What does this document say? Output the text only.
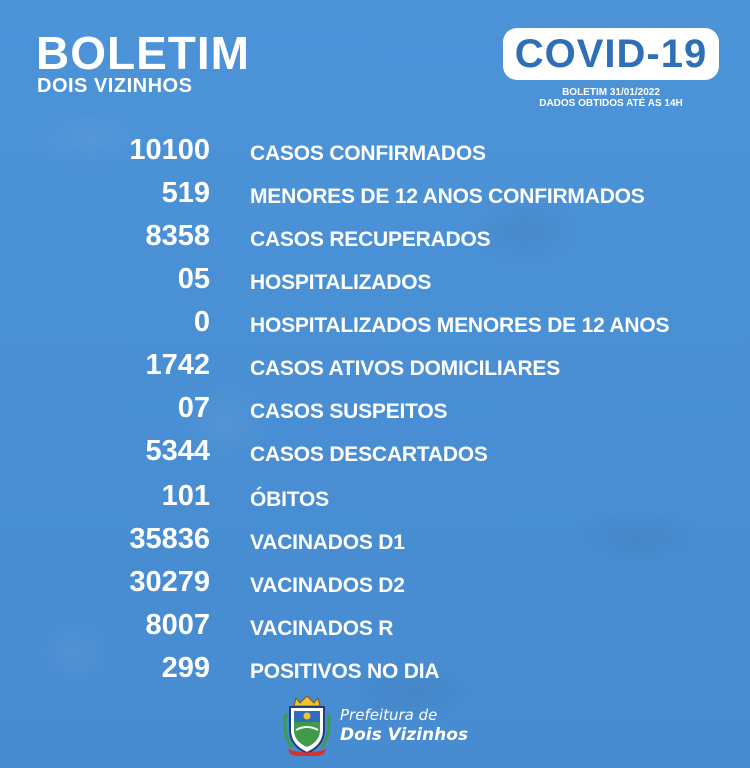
BOLETIM
DOIS VIZINHOS
COVID-19
BOLETIM 31/01/2022
DADOS OBTIDOS ATÉ AS 14H
10100 CASOS CONFIRMADOS
519 MENORES DE 12 ANOS CONFIRMADOS
8358 CASOS RECUPERADOS
05 HOSPITALIZADOS
0 HOSPITALIZADOS MENORES DE 12 ANOS
1742 CASOS ATIVOS DOMICILIARES
07 CASOS SUSPEITOS
5344 CASOS DESCARTADOS
101 ÓBITOS
35836 VACINADOS D1
30279 VACINADOS D2
8007 VACINADOS R
299 POSITIVOS NO DIA
Prefeitura de
Dois Vizinhos
